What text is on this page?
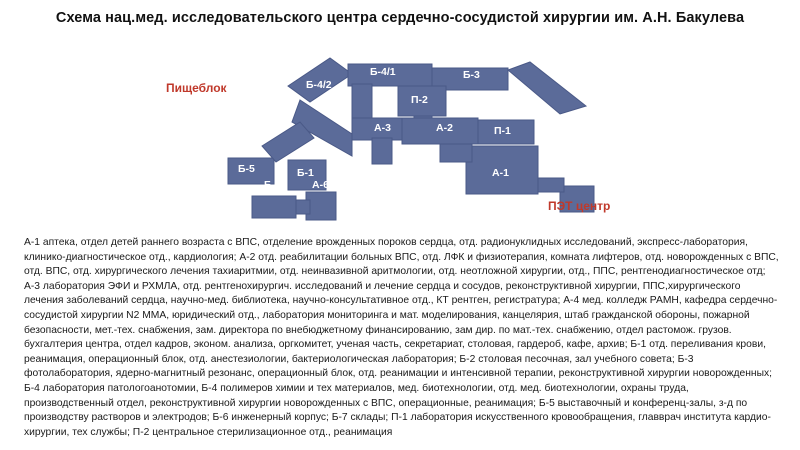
Схема нац.мед. исследовательского центра сердечно-сосудистой хирургии им. А.Н. Бакулева
Пищеблок
Б-4/1	Б-3
Б-4/2
П-2
А-3	А-2	П-1
Б-5	Б-1	А-1
Б-7	А-6
ПЭТ центр
А-1 аптека, отдел детей раннего возраста с ВПС, отделение врожденных пороков сердца, отд. радионуклидных исследований, экспресс-лаборатория, клинико-диагностическое отд., кардиология; А-2 отд. реабилитации больных ВПС, отд. ЛФК и физиотерапия, комната лифтеров, отд. новорожденных с ВПС, отд. ВПС, отд. хирургического лечения тахиаритмии, отд. неинвазивной аритмологии, отд. неотложной хирургии, отд., ППС, рентгенодиагностическое отд; А-3 лаборатория ЭФИ и РХМЛА, отд. рентгенохирургич. исследований и лечение сердца и сосудов, реконструктивной хирургии, ППС,хирургического лечения заболеваний сердца, научно-мед. библиотека, научно-консультативное отд., КТ рентген, регистратура; А-4 мед. колледж РАМН, кафедра сердечно-сосудистой хирургии N2 ММА, юридический отд., лаборатория мониторинга и мат. моделирования, канцелярия, штаб гражданской обороны, пожарной безопасности, мет.-тех. снабжения, зам. директора по внебюджетному финансированию, зам дир. по мат.-тех. снабжению, отдел растомож. грузов. бухгалтерия центра, отдел кадров, эконом. анализа, оргкомитет, ученая часть, секретариат, столовая, гардероб, кафе, архив; Б-1 отд. переливания крови, реанимация, операционный блок, отд. анестезиологии, бактериологическая лаборатория; Б-2 столовая песочная, зал учебного совета; Б-3 фотолаборатория, ядерно-магнитный резонанс, операционный блок, отд. реанимации и интенсивной терапии, реконструктивной хирургии новорожденных; Б-4 лаборатория патологоанотомии, Б-4 полимеров химии и тех материалов, мед. биотехнологии, отд. мед. биотехнологии, охраны труда, производственный отдел, реконструктивной хирургии новорожденных с ВПС, операционные, реанимация; Б-5 выставочный и конференц-залы, з-д по производству растворов и электродов; Б-6 инженерный корпус; Б-7 склады; П-1 лаборатория искусственного кровообращения, главврач института кардио-хирургии, тех службы; П-2 центральное стерилизационное отд., реанимация
